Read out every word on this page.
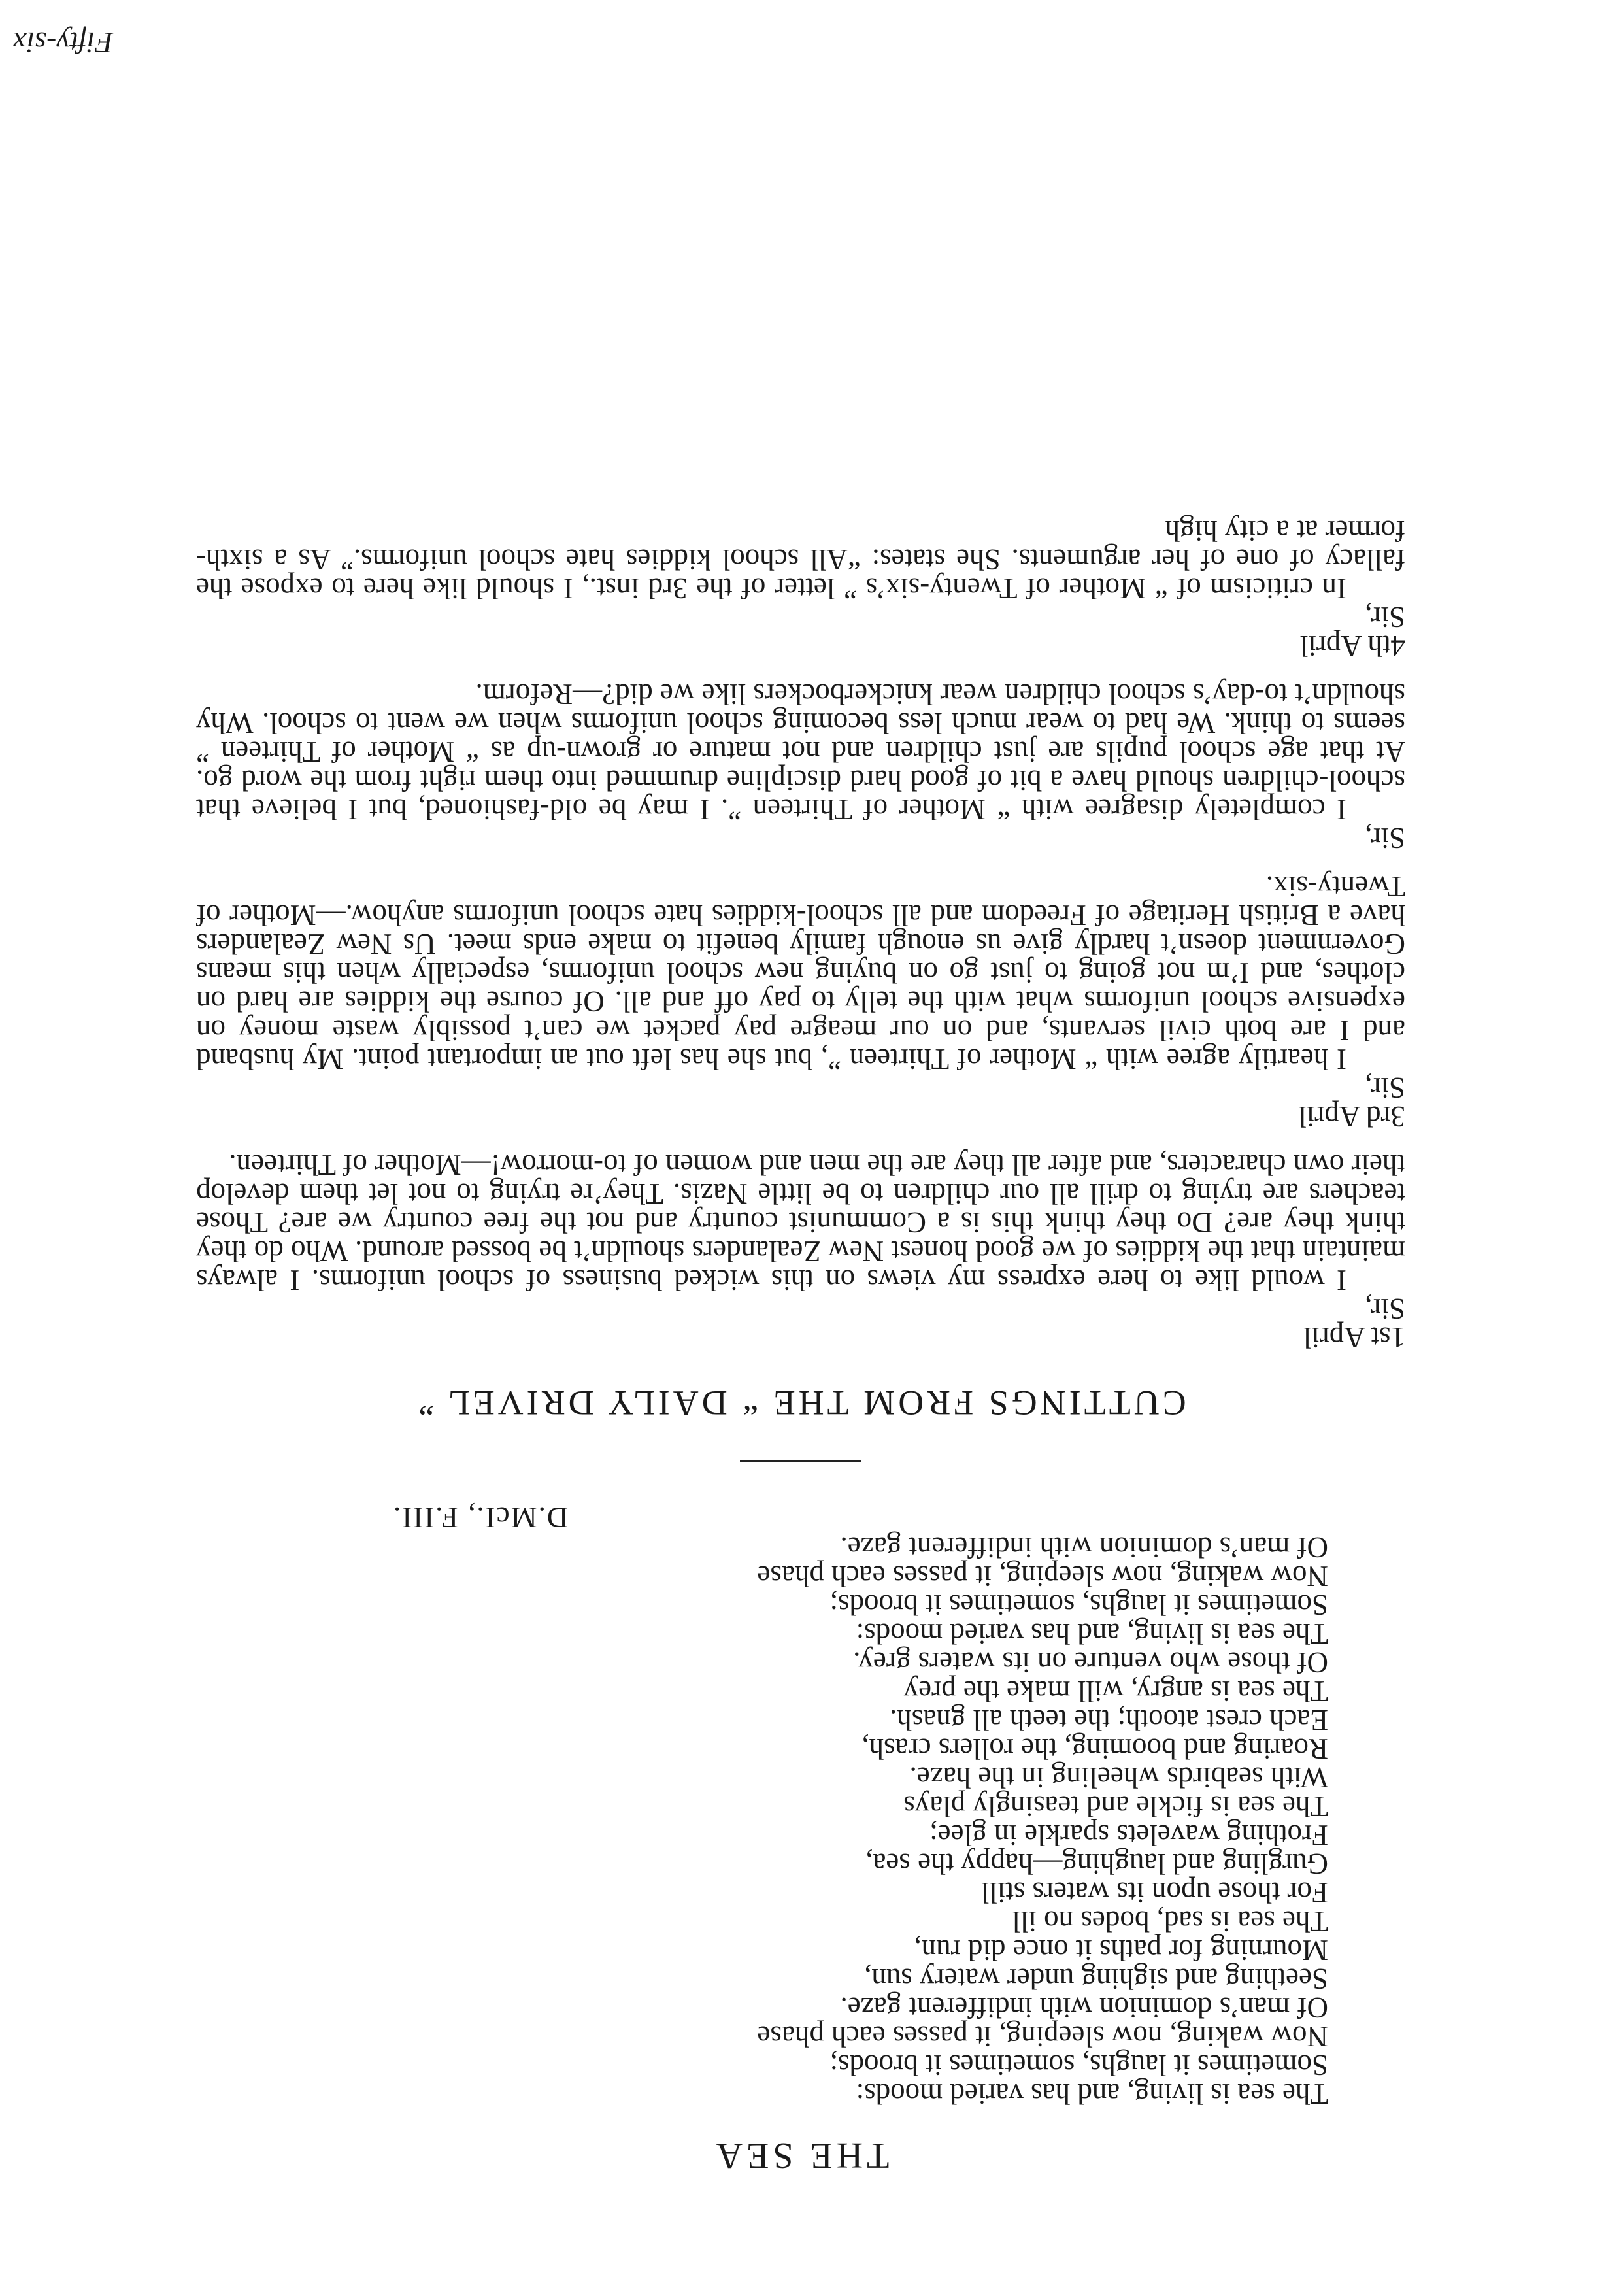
THE SEA
The sea is living, and has varied moods:
Sometimes it laughs, sometimes it broods;
Now waking, now sleeping, it passes each phase
Of man’s dominion with indifferent gaze.
Seething and sighing under watery sun,
Mourning for paths it once did run,
The sea is sad, bodes no ill
For those upon its waters still
Gurgling and laughing—happy the sea,
Frothing wavelets sparkle in glee;
The sea is fickle and teasingly plays
With seabirds wheeling in the haze.
Roaring and booming, the rollers crash,
Each crest atooth; the teeth all gnash.
The sea is angry, will make the prey
Of those who venture on its waters grey.
The sea is living, and has varied moods:
Sometimes it laughs, sometimes it broods;
Now waking, now sleeping, it passes each phase
Of man’s dominion with indifferent gaze.
D.McI., F.III.
CUTTINGS FROM THE “ DAILY DRIVEL ”
1st April
Sir,
I would like to here express my views on this wicked business of school uniforms. I always maintain that the kiddies of we good honest New Zealanders shouldn’t be bossed around. Who do they think they are? Do they think this is a Communist country and not the free country we are? Those teachers are trying to drill all our children to be little Nazis. They’re trying to not let them develop their own characters, and after all they are the men and women of to-morrow!—Mother of Thirteen.
3rd April
Sir,
I heartily agree with “ Mother of Thirteen ”, but she has left out an important point. My husband and I are both civil servants, and on our meagre pay packet we can’t possibly waste money on expensive school uniforms what with the telly to pay off and all. Of course the kiddies are hard on clothes, and I’m not going to just go on buying new school uniforms, especially when this means Government doesn’t hardly give us enough family benefit to make ends meet. Us New Zealanders have a British Heritage of Freedom and all school-kiddies hate school uniforms anyhow.—Mother of Twenty-six.
Sir,
I completely disagree with “ Mother of Thirteen ”. I may be old-fashioned, but I believe that school-children should have a bit of good hard discipline drummed into them right from the word go. At that age school pupils are just children and not mature or grown-up as “ Mother of Thirteen ” seems to think. We had to wear much less becoming school uniforms when we went to school. Why shouldn’t to-day’s school children wear knickerbockers like we did?—Reform.
4th April
Sir,
In criticism of “ Mother of Twenty-six’s ” letter of the 3rd inst., I should like here to expose the fallacy of one of her arguments. She states: “All school kiddies hate school uniforms.” As a sixth-former at a city high
Fifty-six
